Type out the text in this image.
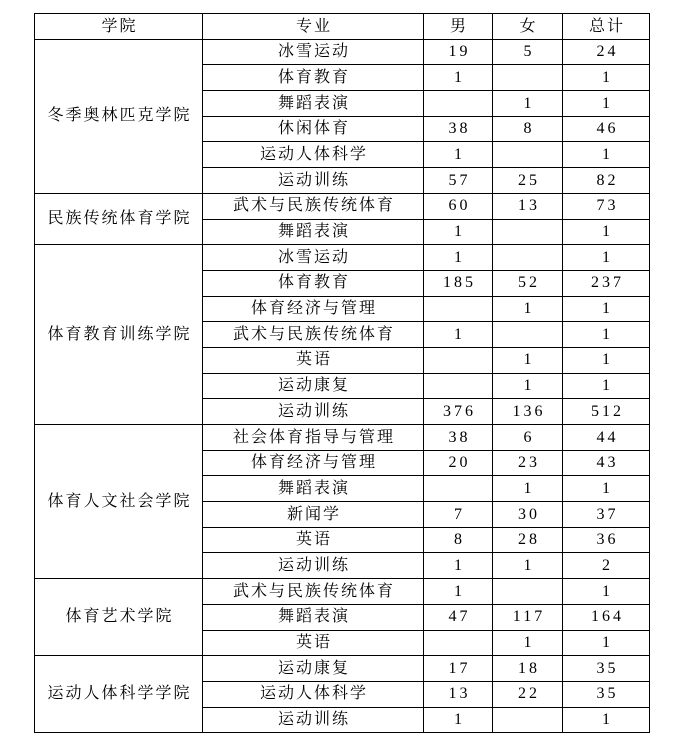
学院	专业	男	女	总计
冬季奥林匹克学院	冰雪运动	19	5	24
	体育教育	1		1
	舞蹈表演		1	1
	休闲体育	38	8	46
	运动人体科学	1		1
	运动训练	57	25	82
民族传统体育学院	武术与民族传统体育	60	13	73
	舞蹈表演	1		1
体育教育训练学院	冰雪运动	1		1
	体育教育	185	52	237
	体育经济与管理		1	1
	武术与民族传统体育	1		1
	英语		1	1
	运动康复		1	1
	运动训练	376	136	512
体育人文社会学院	社会体育指导与管理	38	6	44
	体育经济与管理	20	23	43
	舞蹈表演		1	1
	新闻学	7	30	37
	英语	8	28	36
	运动训练	1	1	2
体育艺术学院	武术与民族传统体育	1		1
	舞蹈表演	47	117	164
	英语		1	1
运动人体科学学院	运动康复	17	18	35
	运动人体科学	13	22	35
	运动训练	1		1
